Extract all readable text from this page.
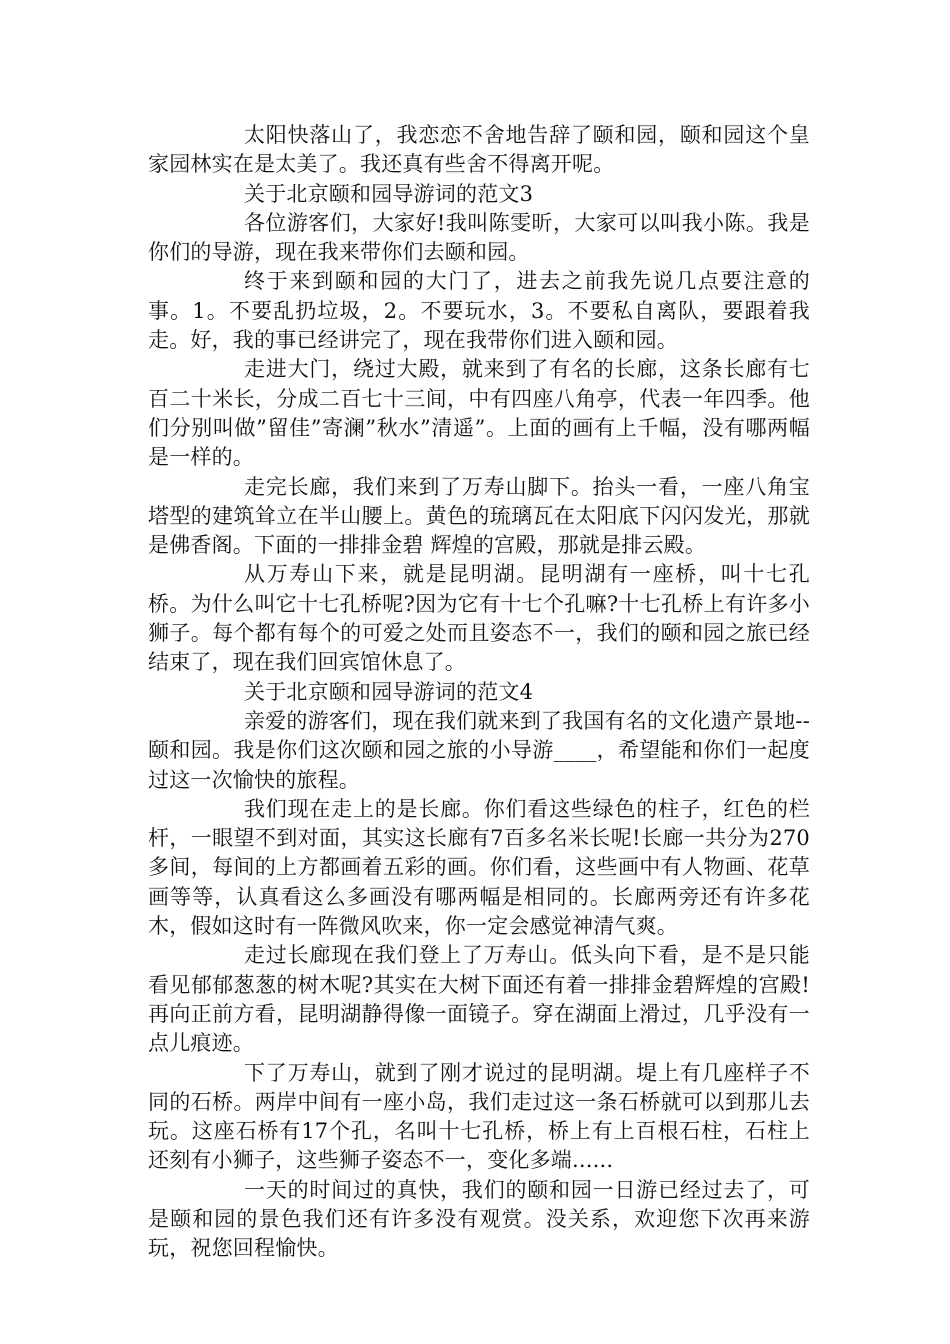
太阳快落山了，我恋恋不舍地告辞了颐和园，颐和园这个皇家园林实在是太美了。我还真有些舍不得离开呢。

关于北京颐和园导游词的范文3

各位游客们，大家好!我叫陈雯昕，大家可以叫我小陈。我是你们的导游，现在我来带你们去颐和园。

终于来到颐和园的大门了，进去之前我先说几点要注意的事。1。不要乱扔垃圾，2。不要玩水，3。不要私自离队，要跟着我走。好，我的事已经讲完了，现在我带你们进入颐和园。

走进大门，绕过大殿，就来到了有名的长廊，这条长廊有七百二十米长，分成二百七十三间，中有四座八角亭，代表一年四季。他们分别叫做”留佳”寄澜”秋水”清遥”。上面的画有上千幅，没有哪两幅是一样的。

走完长廊，我们来到了万寿山脚下。抬头一看，一座八角宝塔型的建筑耸立在半山腰上。黄色的琉璃瓦在太阳底下闪闪发光，那就是佛香阁。下面的一排排金碧 辉煌的宫殿，那就是排云殿。

从万寿山下来，就是昆明湖。昆明湖有一座桥，叫十七孔桥。为什么叫它十七孔桥呢?因为它有十七个孔嘛?十七孔桥上有许多小狮子。每个都有每个的可爱之处而且姿态不一，我们的颐和园之旅已经结束了，现在我们回宾馆休息了。

关于北京颐和园导游词的范文4

亲爱的游客们，现在我们就来到了我国有名的文化遗产景地--颐和园。我是你们这次颐和园之旅的小导游____，希望能和你们一起度过这一次愉快的旅程。

我们现在走上的是长廊。你们看这些绿色的柱子，红色的栏杆，一眼望不到对面，其实这长廊有7百多名米长呢!长廊一共分为270多间，每间的上方都画着五彩的画。你们看，这些画中有人物画、花草画等等，认真看这么多画没有哪两幅是相同的。长廊两旁还有许多花木，假如这时有一阵微风吹来，你一定会感觉神清气爽。

走过长廊现在我们登上了万寿山。低头向下看，是不是只能看见郁郁葱葱的树木呢?其实在大树下面还有着一排排金碧辉煌的宫殿!再向正前方看，昆明湖静得像一面镜子。穿在湖面上滑过，几乎没有一点儿痕迹。

下了万寿山，就到了刚才说过的昆明湖。堤上有几座样子不同的石桥。两岸中间有一座小岛，我们走过这一条石桥就可以到那儿去玩。这座石桥有17个孔，名叫十七孔桥，桥上有上百根石柱，石柱上还刻有小狮子，这些狮子姿态不一，变化多端......

一天的时间过的真快，我们的颐和园一日游已经过去了，可是颐和园的景色我们还有许多没有观赏。没关系，欢迎您下次再来游玩，祝您回程愉快。
